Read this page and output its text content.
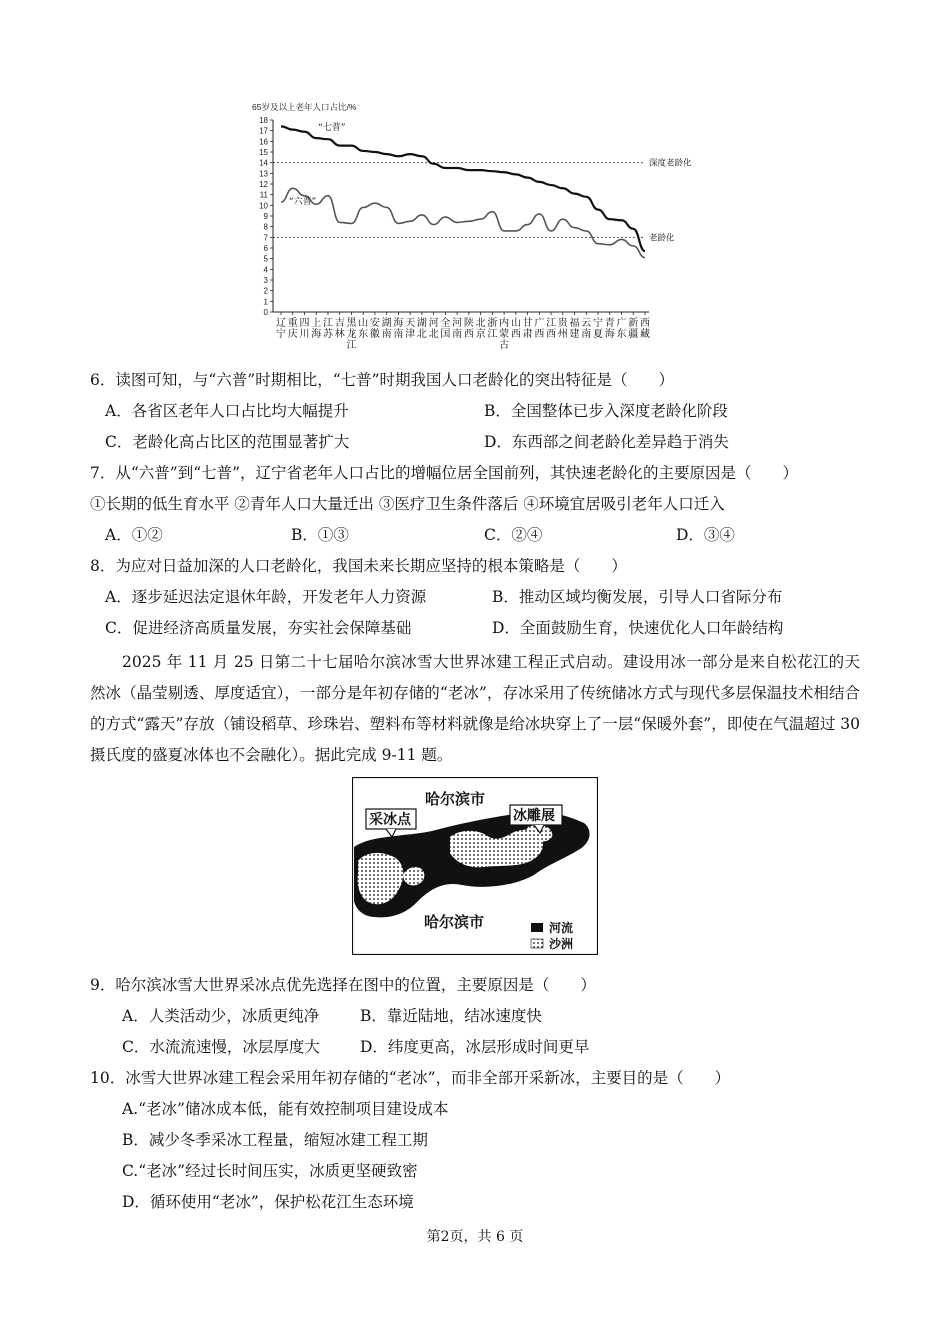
65岁及以上老年人口占比/%
0
1
2
3
4
5
6
7
8
9
10
11
12
13
14
15
16
17
18
辽宁
重庆
四川
上海
江苏
吉林
黑龙江
山东
安徽
湖南
海南
天津
湖北
河北
全国
河南
陕西
北京
浙江
内蒙古
山西
甘肃
广西
江西
贵州
福建
云南
宁夏
青海
广东
新疆
西藏
深度老龄化
老龄化
“七普”
“六普”
6．读图可知，与“六普”时期相比，“七普”时期我国人口老龄化的突出特征是（　　）
A．各省区老年人口占比均大幅提升	B．全国整体已步入深度老龄化阶段
C．老龄化高占比区的范围显著扩大	D．东西部之间老龄化差异趋于消失
7．从“六普”到“七普”，辽宁省老年人口占比的增幅位居全国前列，其快速老龄化的主要原因是（　　）
①长期的低生育水平 ②青年人口大量迁出 ③医疗卫生条件落后 ④环境宜居吸引老年人口迁入
A．①②	B．①③	C．②④	D．③④
8．为应对日益加深的人口老龄化，我国未来长期应坚持的根本策略是（　　）
A．逐步延迟法定退休年龄，开发老年人力资源	B．推动区域均衡发展，引导人口省际分布
C．促进经济高质量发展，夯实社会保障基础	D．全面鼓励生育，快速优化人口年龄结构

2025 年 11 月 25 日第二十七届哈尔滨冰雪大世界冰建工程正式启动。建设用冰一部分是来自松花江的天然冰（晶莹剔透、厚度适宜），一部分是年初存储的“老冰”，存冰采用了传统储冰方式与现代多层保温技术相结合的方式“露天”存放（铺设稻草、珍珠岩、塑料布等材料就像是给冰块穿上了一层“保暖外套”，即使在气温超过 30 摄氏度的盛夏冰体也不会融化）。据此完成 9-11 题。

哈尔滨市
哈尔滨市
采冰点	冰雕展
河流
沙洲
9．哈尔滨冰雪大世界采冰点优先选择在图中的位置，主要原因是（　　）
A．人类活动少，冰质更纯净	B．靠近陆地，结冰速度快
C．水流流速慢，冰层厚度大	D．纬度更高，冰层形成时间更早
10．冰雪大世界冰建工程会采用年初存储的“老冰”，而非全部开采新冰，主要目的是（　　）
A.“老冰”储冰成本低，能有效控制项目建设成本
B．减少冬季采冰工程量，缩短冰建工程工期
C.“老冰”经过长时间压实，冰质更坚硬致密
D．循环使用“老冰”，保护松花江生态环境
第2页，共 6 页
